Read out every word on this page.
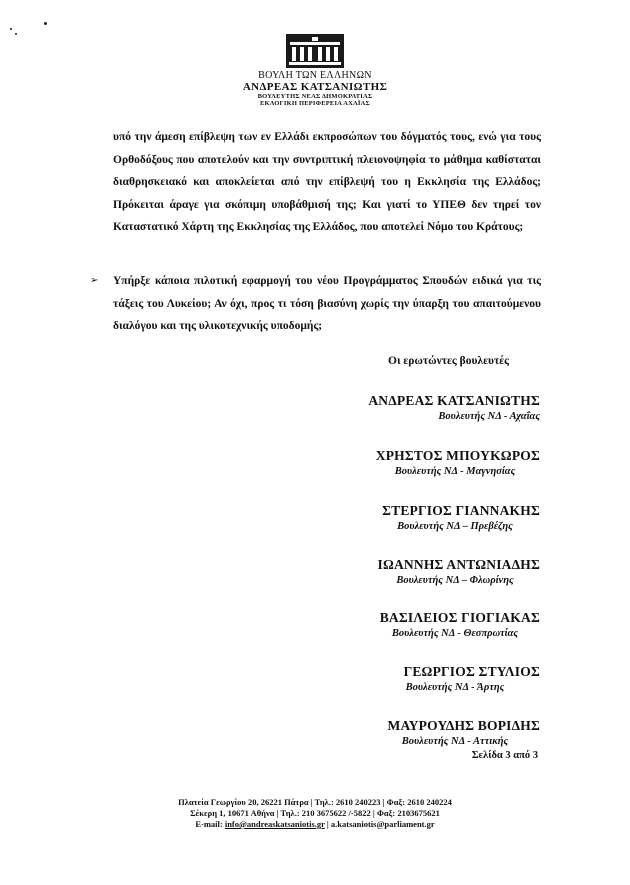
ΒΟΥΛΗ ΤΩΝ ΕΛΛΗΝΩΝ

ΑΝΔΡΕΑΣ ΚΑΤΣΑΝΙΩΤΗΣ

ΒΟΥΛΕΥΤΗΣ ΝΕΑΣ ΔΗΜΟΚΡΑΤΙΑΣ

ΕΚΛΟΓΙΚΗ ΠΕΡΙΦΕΡΕΙΑ ΑΧΑΪΑΣ

υπό την άμεση επίβλεψη των εν Ελλάδι εκπροσώπων του δόγματός τους, ενώ για τους Ορθοδόξους που αποτελούν και την συντριπτική πλειονοψηφία το μάθημα καθίσταται διαθρησκειακό και αποκλείεται από την επίβλεψή του η Εκκλησία της Ελλάδος; Πρόκειται άραγε για σκόπιμη υποβάθμισή της; Και γιατί το ΥΠΕΘ δεν τηρεί τον Καταστατικό Χάρτη της Εκκλησίας της Ελλάδος, που αποτελεί Νόμο του Κράτους;

➢ Υπήρξε κάποια πιλοτική εφαρμογή του νέου Προγράμματος Σπουδών ειδικά για τις τάξεις του Λυκείου; Αν όχι, προς τι τόση βιασύνη χωρίς την ύπαρξη του απαιτούμενου διαλόγου και της υλικοτεχνικής υποδομής;

Οι ερωτώντες βουλευτές

ΑΝΔΡΕΑΣ ΚΑΤΣΑΝΙΩΤΗΣ

Βουλευτής ΝΔ - Αχαΐας

ΧΡΗΣΤΟΣ ΜΠΟΥΚΩΡΟΣ

Βουλευτής ΝΔ - Μαγνησίας

ΣΤΕΡΓΙΟΣ ΓΙΑΝΝΑΚΗΣ

Βουλευτής ΝΔ – Πρεβέζης

ΙΩΑΝΝΗΣ ΑΝΤΩΝΙΑΔΗΣ

Βουλευτής ΝΔ – Φλωρίνης

ΒΑΣΙΛΕΙΟΣ ΓΙΟΓΙΑΚΑΣ

Βουλευτής ΝΔ - Θεσπρωτίας

ΓΕΩΡΓΙΟΣ ΣΤΥΛΙΟΣ

Βουλευτής ΝΔ - Άρτης

ΜΑΥΡΟΥΔΗΣ ΒΟΡΙΔΗΣ

Βουλευτής ΝΔ - Αττικής

Σελίδα 3 από 3

Πλατεία Γεωργίου 20, 26221 Πάτρα | Τηλ.: 2610 240223 | Φαξ: 2610 240224

Σέκερη 1, 10671 Αθήνα | Τηλ.: 210 3675622 /-5822 | Φαξ: 2103675621

E-mail: info@andreaskatsaniotis.gr | a.katsaniotis@parliament.gr
